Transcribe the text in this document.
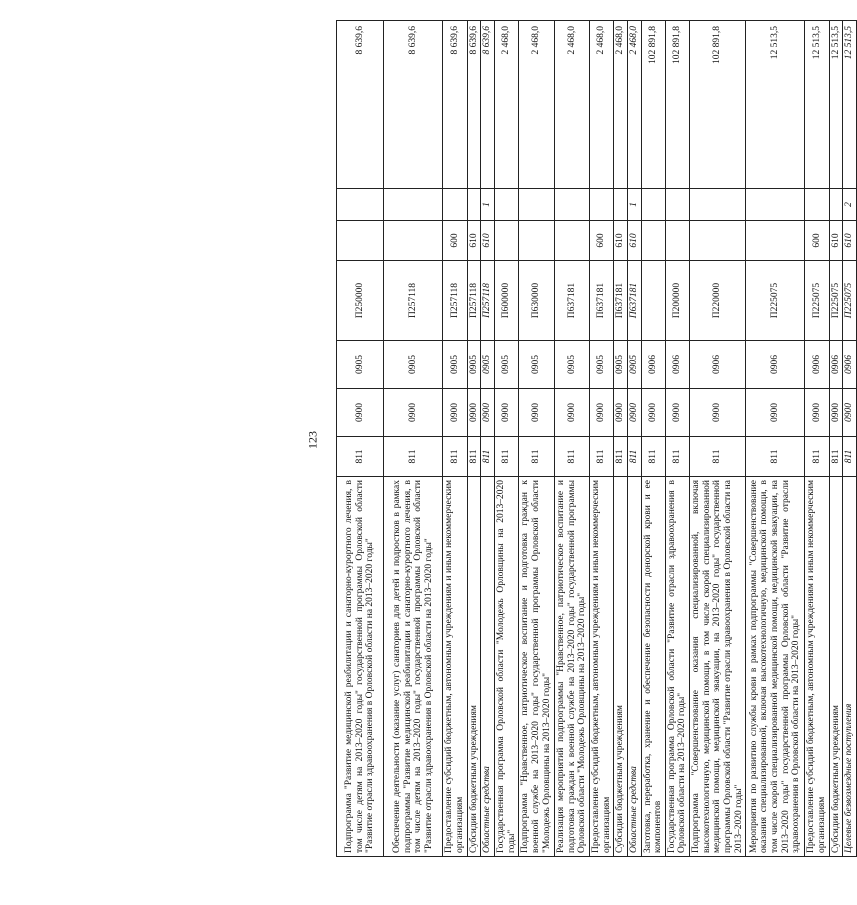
123
Подпрограмма "Развитие медицинской реабилитации и санаторно-курортного лечения, в том числе детям на 2013–2020 годы" государственной программы Орловской области "Развитие отрасли здравоохранения в Орловской области на 2013–2020 годы"	811	0900	0905	П250000			8 639,6
Обеспечение деятельности (оказание услуг) санаториев для детей и подростков в рамках подпрограммы "Развитие медицинской реабилитации и санаторно-курортного лечения, в том числе детям на 2013–2020 годы" государственной программы Орловской области "Развитие отрасли здравоохранения в Орловской области на 2013–2020 годы"	811	0900	0905	П257118			8 639,6
Предоставление субсидий бюджетным, автономным учреждениям и иным некоммерческим организациям	811	0900	0905	П257118	600		8 639,6
Субсидии бюджетным учреждениям	811	0900	0905	П257118	610		8 639,6
Областные средства	811	0900	0905	П257118	610	1	8 639,6
Государственная программа Орловской области "Молодежь Орловщины на 2013–2020 годы"	811	0900	0905	П600000			2 468,0
Подпрограмма "Нравственное, патриотическое воспитание и подготовка граждан к военной службе на 2013–2020 годы" государственной программы Орловской области "Молодежь Орловщины на 2013–2020 годы"	811	0900	0905	П630000			2 468,0
Реализация мероприятий подпрограммы "Нравственное, патриотическое воспитание и подготовка граждан к военной службе на 2013–2020 годы" государственной программы Орловской области "Молодежь Орловщины на 2013–2020 годы"	811	0900	0905	П637181			2 468,0
Предоставление субсидий бюджетным, автономным учреждениям и иным некоммерческим организациям	811	0900	0905	П637181	600		2 468,0
Субсидии бюджетным учреждениям	811	0900	0905	П637181	610		2 468,0
Областные средства	811	0900	0905	П637181	610	1	2 468,0
Заготовка, переработка, хранение и обеспечение безопасности донорской крови и ее компонентов	811	0900	0906				102 891,8
Государственная программа Орловской области "Развитие отрасли здравоохранения в Орловской области на 2013–2020 годы"	811	0900	0906	П200000			102 891,8
Подпрограмма "Совершенствование оказания специализированной, включая высокотехнологичную, медицинской помощи, в том числе скорой специализированной медицинской помощи, медицинской эвакуации, на 2013–2020 годы" государственной программы Орловской области "Развитие отрасли здравоохранения в Орловской области на 2013–2020 годы"	811	0900	0906	П220000			102 891,8
Мероприятия по развитию службы крови в рамках подпрограммы "Совершенствование оказания специализированной, включая высокотехнологичную, медицинской помощи, в том числе скорой специализированной медицинской помощи, медицинской эвакуации, на 2013–2020 годы" государственной программы Орловской области "Развитие отрасли здравоохранения в Орловской области на 2013–2020 годы"	811	0900	0906	П225075			12 513,5
Предоставление субсидий бюджетным, автономным учреждениям и иным некоммерческим организациям	811	0900	0906	П225075	600		12 513,5
Субсидии бюджетным учреждениям	811	0900	0906	П225075	610		12 513,5
Целевые безвозмездные поступления	811	0900	0906	П225075	610	2	12 513,5
